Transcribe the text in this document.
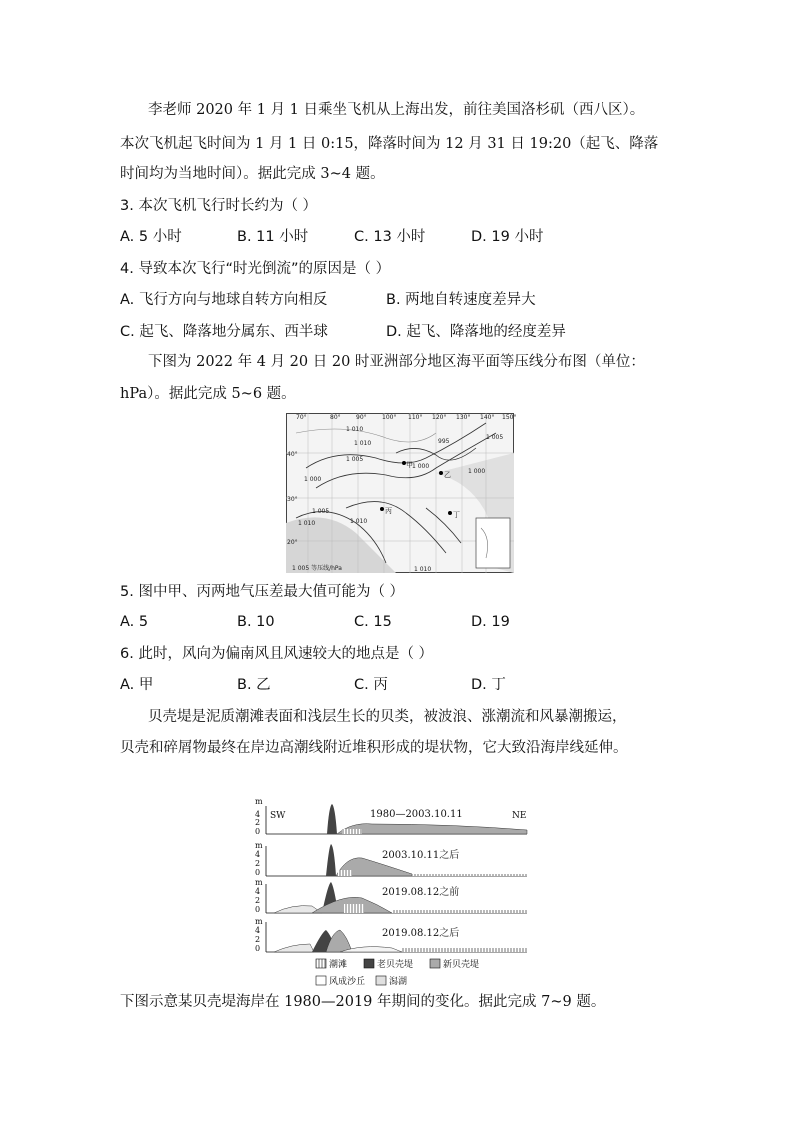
李老师 2020 年 1 月 1 日乘坐飞机从上海出发，前往美国洛杉矶（西八区）。
本次飞机起飞时间为 1 月 1 日 0:15，降落时间为 12 月 31 日 19:20（起飞、降落
时间均为当地时间）。据此完成 3~4 题。
3. 本次飞机飞行时长约为（ ）
A. 5 小时	B. 11 小时	C. 13 小时	D. 19 小时
4. 导致本次飞行“时光倒流”的原因是（ ）
A. 飞行方向与地球自转方向相反	B. 两地自转速度差异大
C. 起飞、降落地分属东、西半球	D. 起飞、降落地的经度差异
下图为 2022 年 4 月 20 日 20 时亚洲部分地区海平面等压线分布图（单位：
hPa）。据此完成 5~6 题。
70°	80°	90°	100° 110° 120° 130° 140° 150°
40°
30°
20°
1 010
1 010
1 005
1 000
995
1 000
1 005
1 010	1 010
1 005
1 000
1 010
甲
乙
丙	丁
1 005 等压线/hPa
5. 图中甲、丙两地气压差最大值可能为（ ）
A. 5	B. 10	C. 15	D. 19
6. 此时，风向为偏南风且风速较大的地点是（ ）
A. 甲	B. 乙	C. 丙	D. 丁
贝壳堤是泥质潮滩表面和浅层生长的贝类，被波浪、涨潮流和风暴潮搬运，
贝壳和碎屑物最终在岸边高潮线附近堆积形成的堤状物，它大致沿海岸线延伸。
m
4
2
0
SW	NE
1980—2003.10.11
m
4
2
0
2003.10.11之后
m
4
2
0
2019.08.12之前
m
4
2
0
2019.08.12之后
潮滩	老贝壳堤	新贝壳堤
风成沙丘	潟湖
下图示意某贝壳堤海岸在 1980—2019 年期间的变化。据此完成 7~9 题。
